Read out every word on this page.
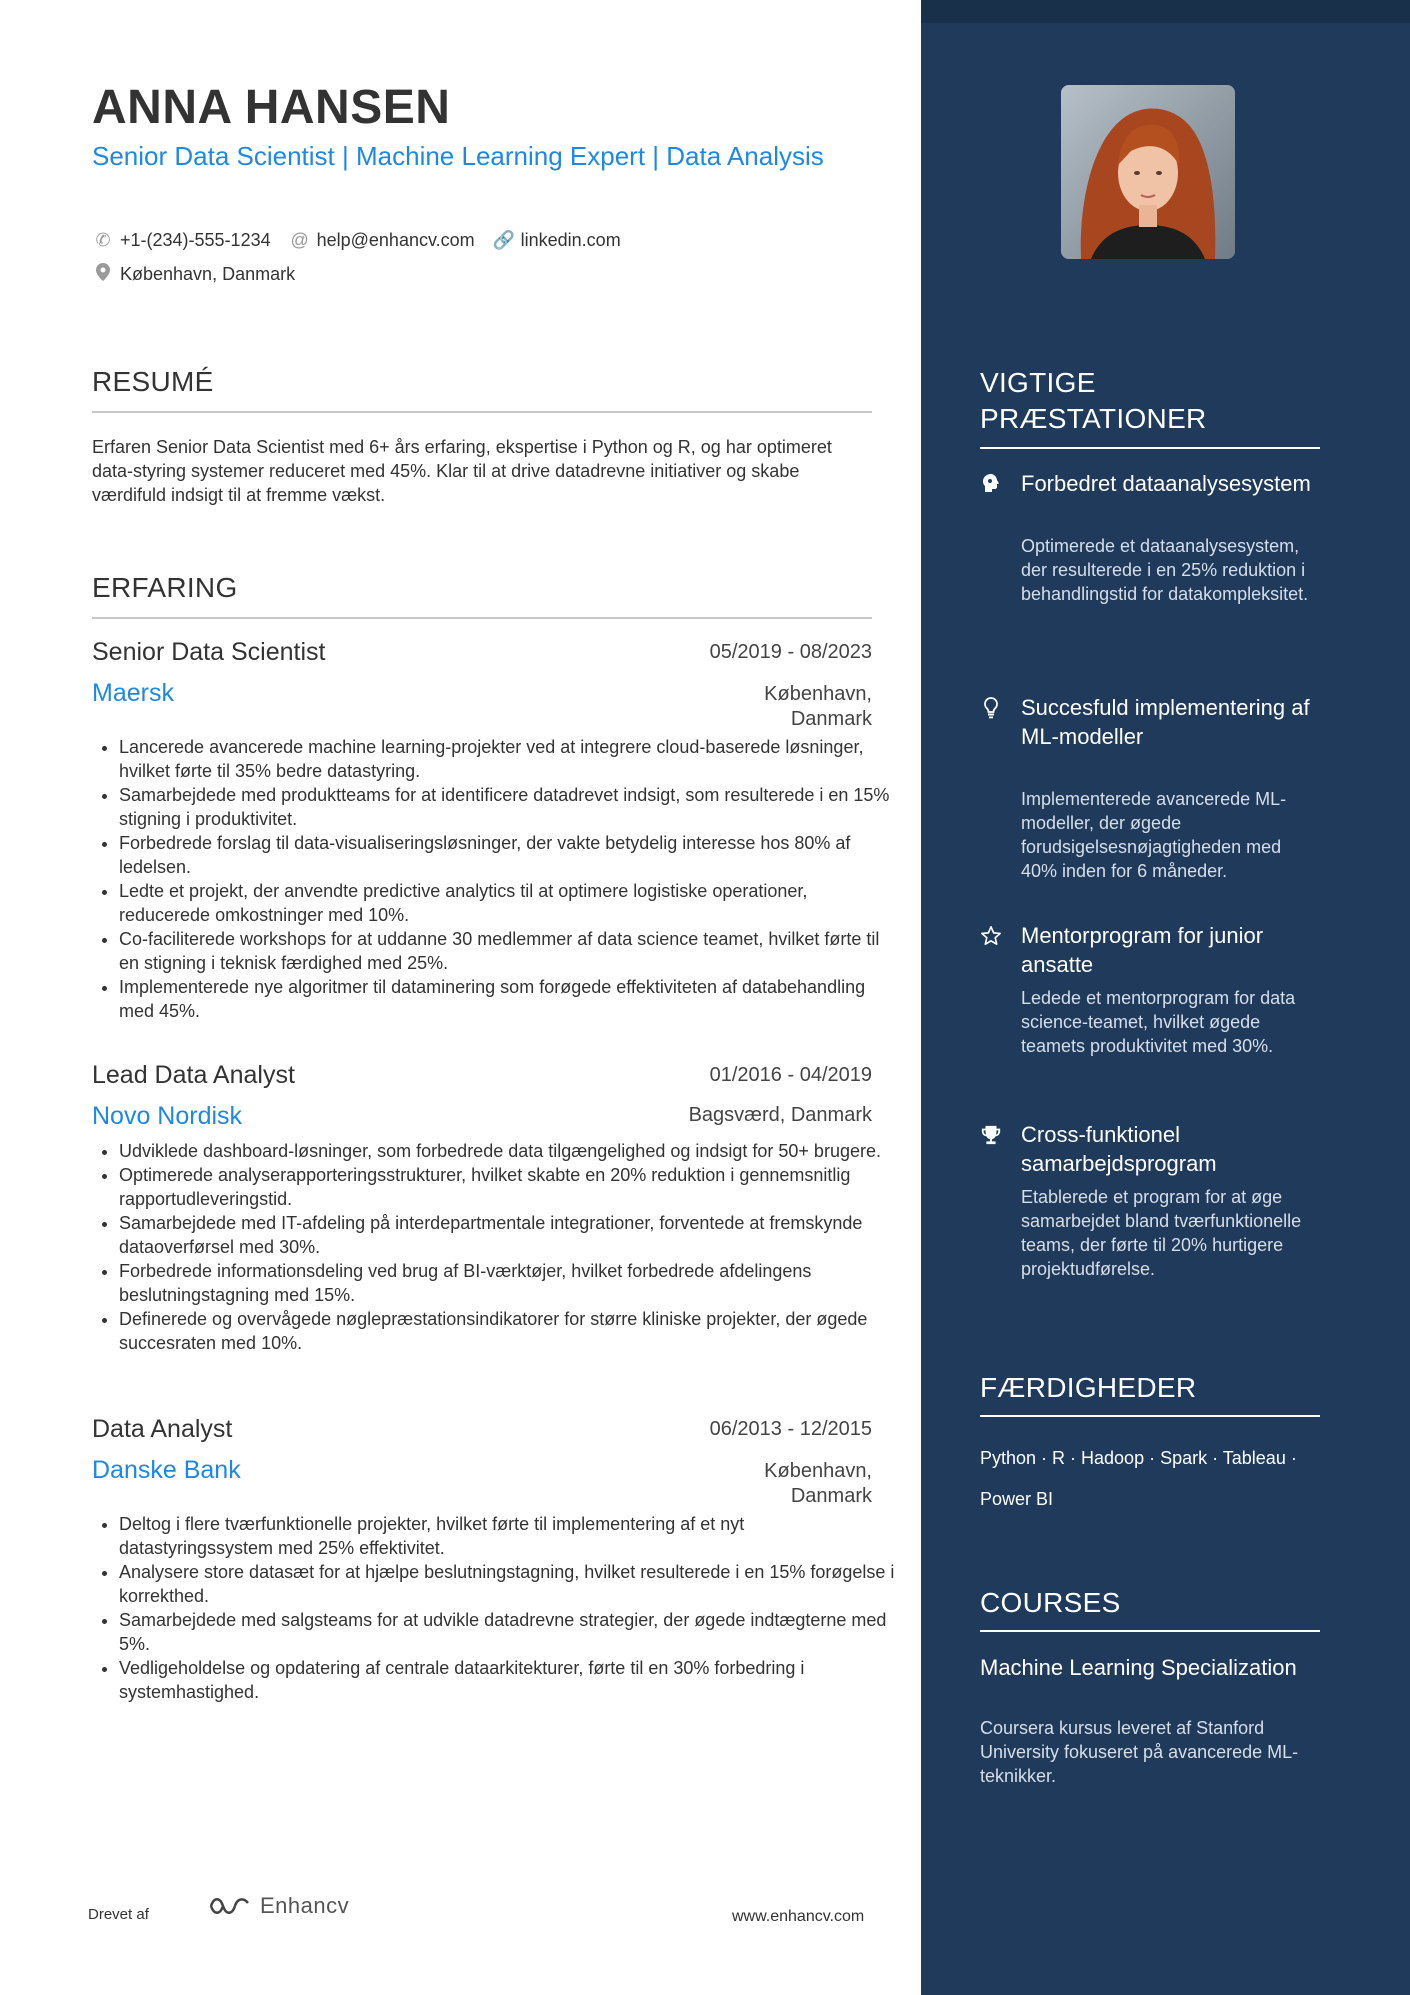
ANNA HANSEN
Senior Data Scientist | Machine Learning Expert | Data Analysis
✆ +1-(234)-555-1234 @ help@enhancv.com 🔗 linkedin.com
København, Danmark
RESUMÉ
Erfaren Senior Data Scientist med 6+ års erfaring, ekspertise i Python og R, og har optimeret data-styring systemer reduceret med 45%. Klar til at drive datadrevne initiativer og skabe værdifuld indsigt til at fremme vækst.
ERFARING
Senior Data Scientist	05/2019 - 08/2023
Maersk	København,
Danmark
• Lancerede avancerede machine learning-projekter ved at integrere cloud-baserede løsninger, hvilket førte til 35% bedre datastyring.
• Samarbejdede med produktteams for at identificere datadrevet indsigt, som resulterede i en 15% stigning i produktivitet.
• Forbedrede forslag til data-visualiseringsløsninger, der vakte betydelig interesse hos 80% af ledelsen.
• Ledte et projekt, der anvendte predictive analytics til at optimere logistiske operationer, reducerede omkostninger med 10%.
• Co-faciliterede workshops for at uddanne 30 medlemmer af data science teamet, hvilket førte til en stigning i teknisk færdighed med 25%.
• Implementerede nye algoritmer til dataminering som forøgede effektiviteten af databehandling med 45%.
Lead Data Analyst	01/2016 - 04/2019
Novo Nordisk	Bagsværd, Danmark
• Udviklede dashboard-løsninger, som forbedrede data tilgængelighed og indsigt for 50+ brugere.
• Optimerede analyserapporteringsstrukturer, hvilket skabte en 20% reduktion i gennemsnitlig rapportudleveringstid.
• Samarbejdede med IT-afdeling på interdepartmentale integrationer, forventede at fremskynde dataoverførsel med 30%.
• Forbedrede informationsdeling ved brug af BI-værktøjer, hvilket forbedrede afdelingens beslutningstagning med 15%.
• Definerede og overvågede nøglepræstationsindikatorer for større kliniske projekter, der øgede succesraten med 10%.
Data Analyst	06/2013 - 12/2015
Danske Bank	København,
Danmark
• Deltog i flere tværfunktionelle projekter, hvilket førte til implementering af et nyt datastyringssystem med 25% effektivitet.
• Analysere store datasæt for at hjælpe beslutningstagning, hvilket resulterede i en 15% forøgelse i korrekthed.
• Samarbejdede med salgsteams for at udvikle datadrevne strategier, der øgede indtægterne med 5%.
• Vedligeholdelse og opdatering af centrale dataarkitekturer, førte til en 30% forbedring i systemhastighed.
Drevet af	Enhancv	www.enhancv.com
VIGTIGE
PRÆSTATIONER
Forbedret dataanalysesystem
Optimerede et dataanalysesystem, der resulterede i en 25% reduktion i behandlingstid for datakompleksitet.
Succesfuld implementering af ML-modeller
Implementerede avancerede ML-modeller, der øgede forudsigelsesnøjagtigheden med 40% inden for 6 måneder.
Mentorprogram for junior ansatte
Ledede et mentorprogram for data science-teamet, hvilket øgede teamets produktivitet med 30%.
Cross-funktionel samarbejdsprogram
Etablerede et program for at øge samarbejdet bland tværfunktionelle teams, der førte til 20% hurtigere projektudførelse.
FÆRDIGHEDER
Python · R · Hadoop · Spark · Tableau ·
Power BI
COURSES
Machine Learning Specialization
Coursera kursus leveret af Stanford University fokuseret på avancerede ML-teknikker.
